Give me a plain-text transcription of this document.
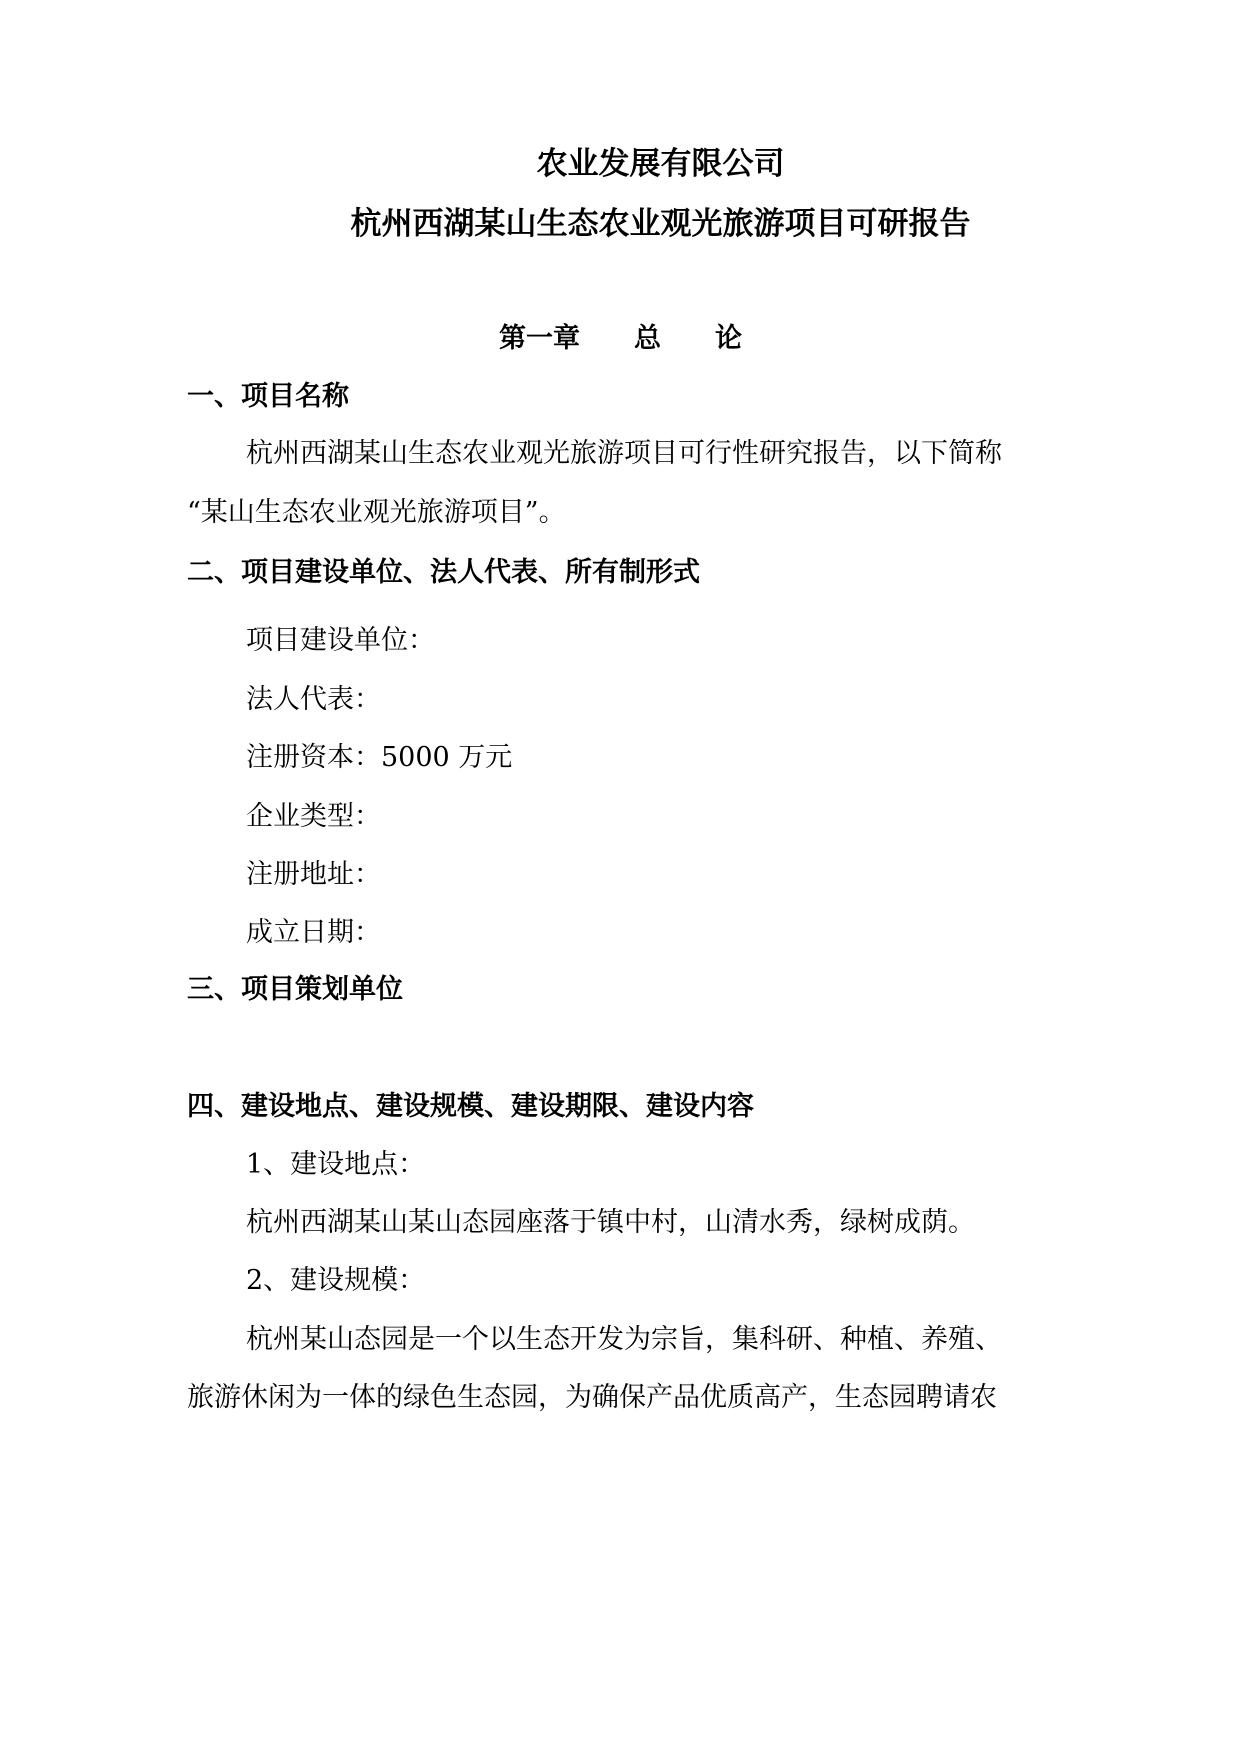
农业发展有限公司
杭州西湖某山生态农业观光旅游项目可研报告
第一章 总 论
一、项目名称
杭州西湖某山生态农业观光旅游项目可行性研究报告，以下简称
“某山生态农业观光旅游项目”。
二、项目建设单位、法人代表、所有制形式
项目建设单位：
法人代表：
注册资本：5000 万元
企业类型：
注册地址：
成立日期：
三、项目策划单位
四、建设地点、建设规模、建设期限、建设内容
1、建设地点：
杭州西湖某山某山态园座落于镇中村，山清水秀，绿树成荫。
2、建设规模：
杭州某山态园是一个以生态开发为宗旨，集科研、种植、养殖、
旅游休闲为一体的绿色生态园，为确保产品优质高产，生态园聘请农
